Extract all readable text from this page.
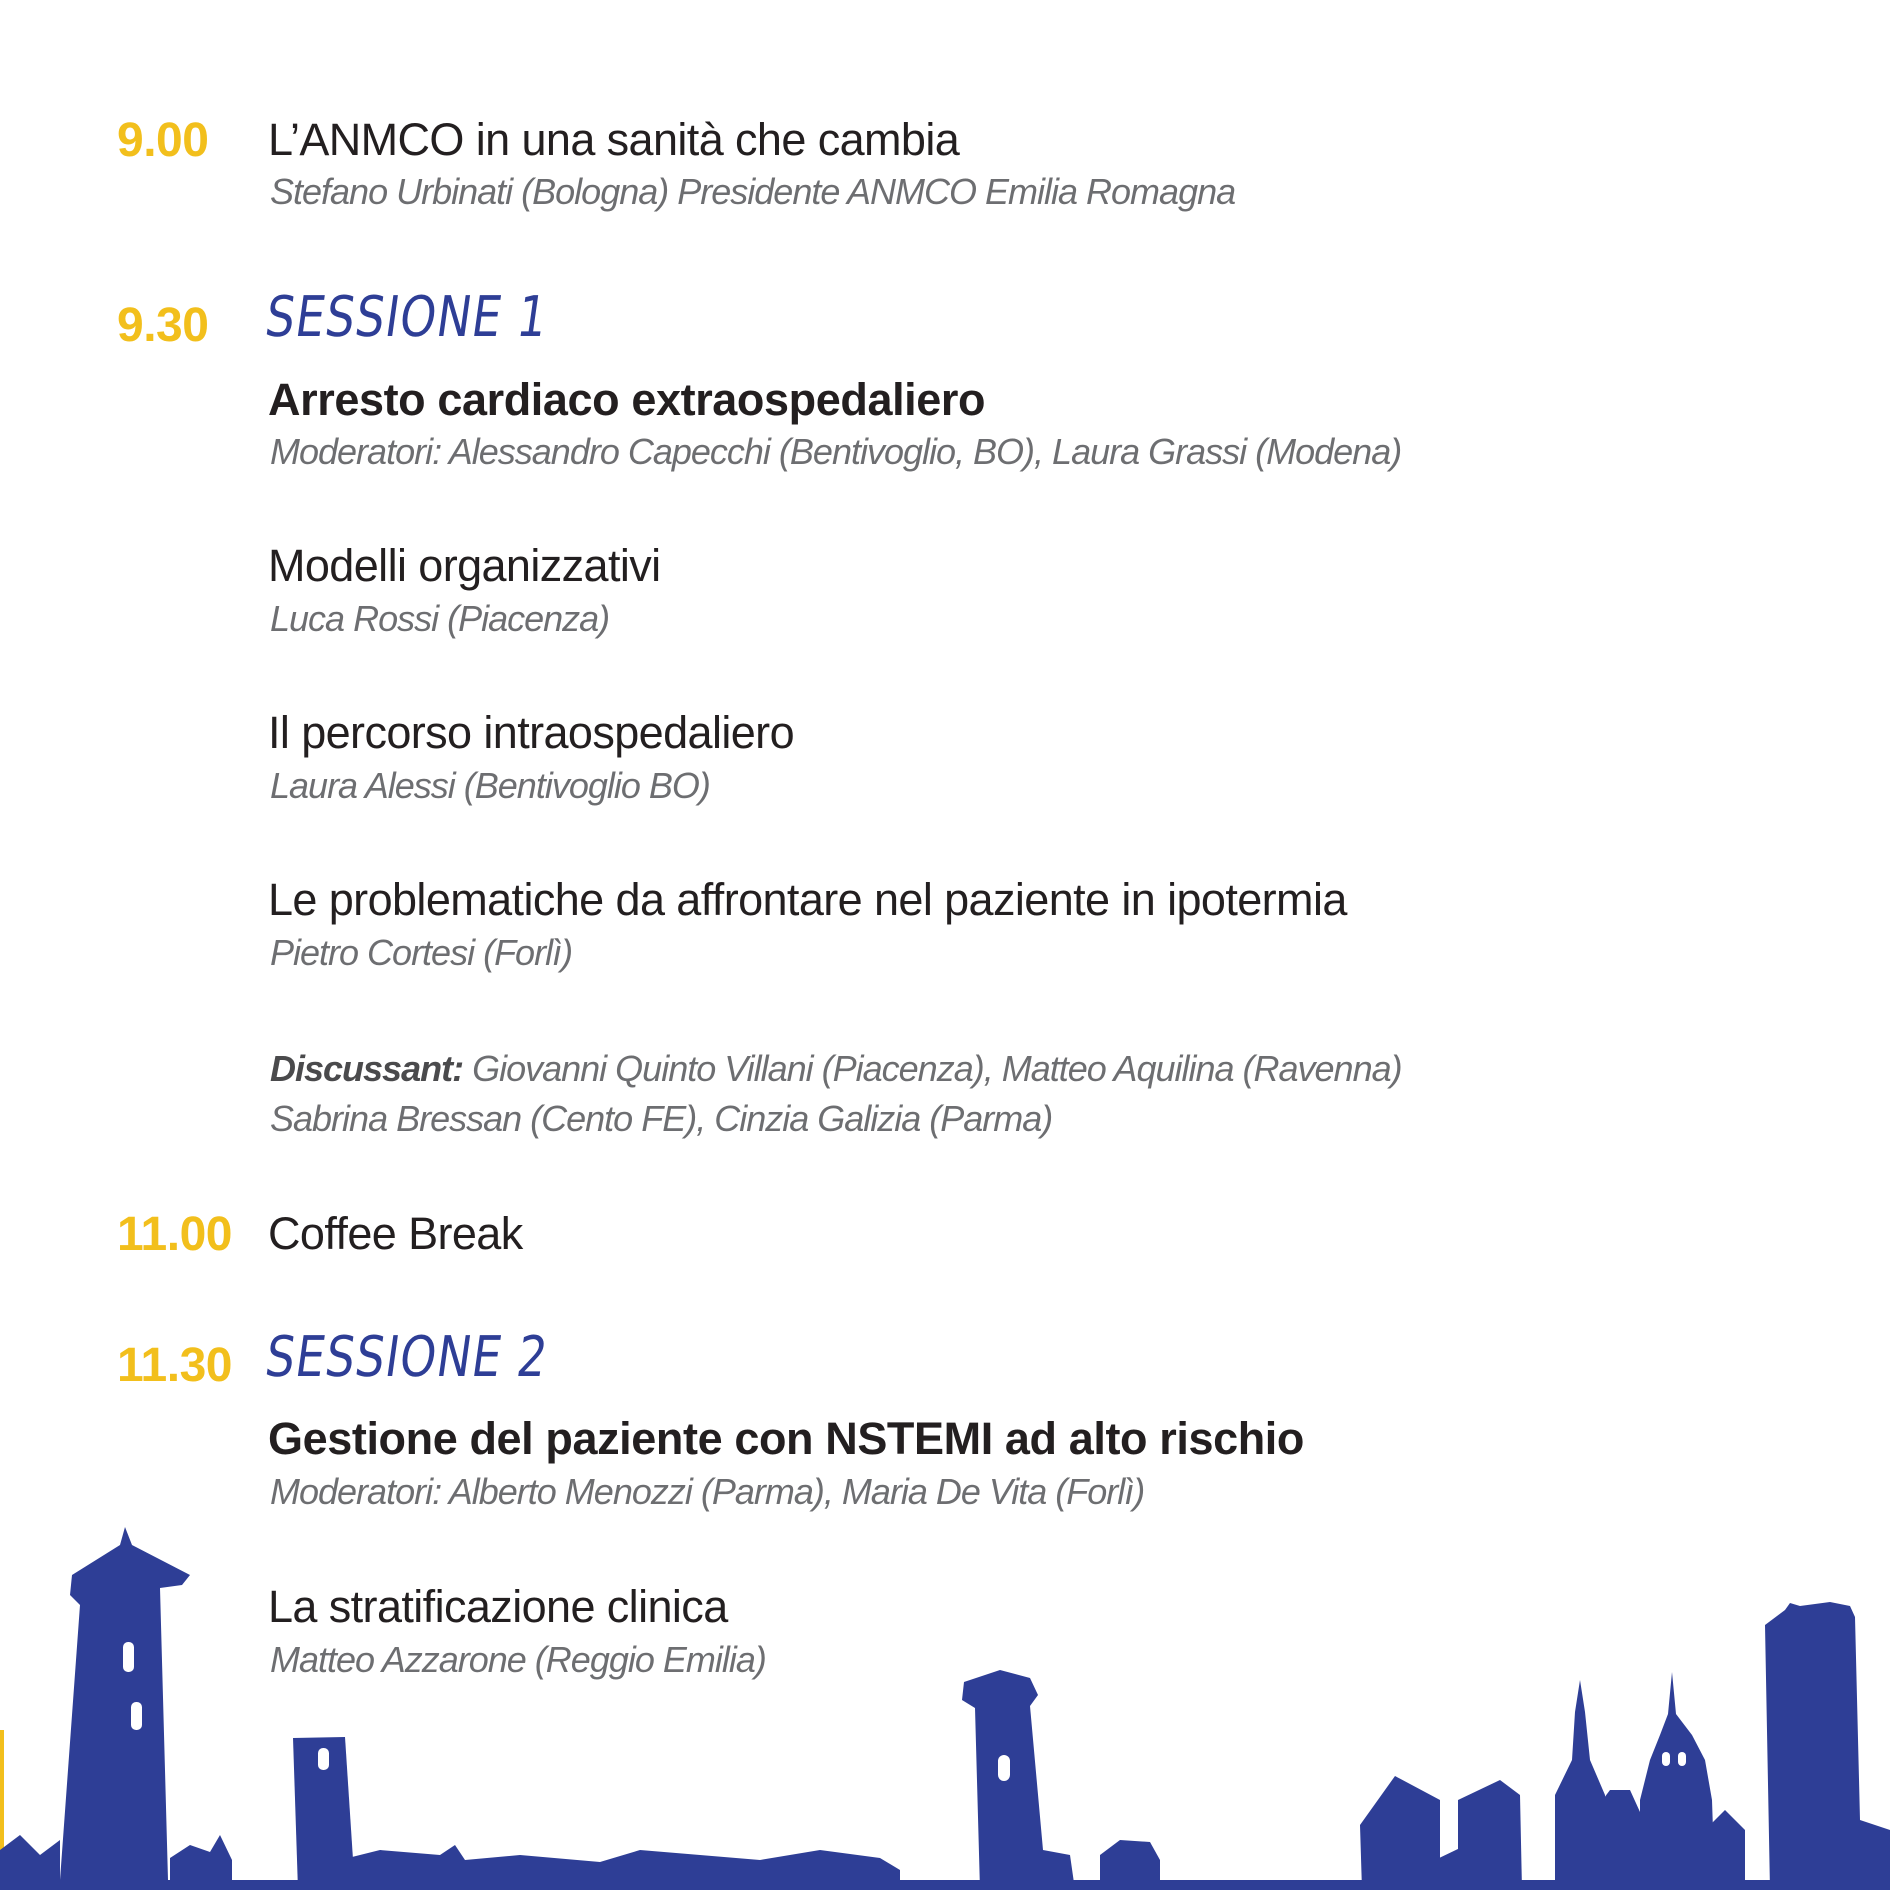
9.00 L’ANMCO in una sanità che cambia
Stefano Urbinati (Bologna) Presidente ANMCO Emilia Romagna
9.30 SESSIONE 1
Arresto cardiaco extraospedaliero
Moderatori: Alessandro Capecchi (Bentivoglio, BO), Laura Grassi (Modena)
Modelli organizzativi
Luca Rossi (Piacenza)
Il percorso intraospedaliero
Laura Alessi (Bentivoglio BO)
Le problematiche da affrontare nel paziente in ipotermia
Pietro Cortesi (Forlì)
Discussant: Giovanni Quinto Villani (Piacenza), Matteo Aquilina (Ravenna)
Sabrina Bressan (Cento FE), Cinzia Galizia (Parma)
11.00 Coffee Break
11.30 SESSIONE 2
Gestione del paziente con NSTEMI ad alto rischio
Moderatori: Alberto Menozzi (Parma), Maria De Vita (Forlì)
La stratificazione clinica
Matteo Azzarone (Reggio Emilia)
